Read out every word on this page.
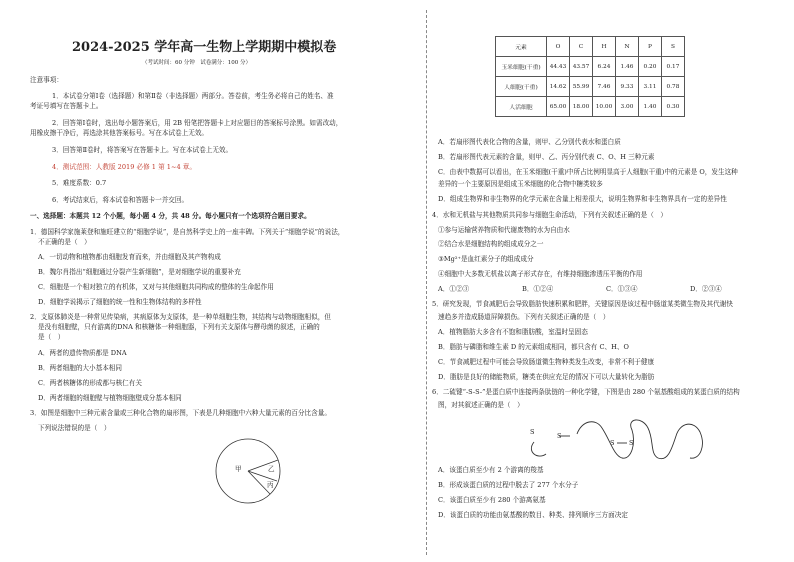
2024-2025 学年高一生物上学期期中模拟卷
（考试时间：60 分钟　试卷满分：100 分）
注意事项：
1．本试卷分第Ⅰ卷（选择题）和第Ⅱ卷（非选择题）两部分。答卷前，考生务必将自己的姓名、准
考证号填写在答题卡上。
2．回答第Ⅰ卷时，选出每小题答案后，用 2B 铅笔把答题卡上对应题目的答案标号涂黑。如需改动，
用橡皮擦干净后，再选涂其他答案标号。写在本试卷上无效。
3．回答第Ⅱ卷时，将答案写在答题卡上。写在本试卷上无效。
4．测试范围：人教版 2019 必修 1 第 1~4 章。
5．难度系数：0.7
6．考试结束后，将本试卷和答题卡一并交回。
一、选择题：本题共 12 个小题，每小题 4 分，共 48 分。每小题只有一个选项符合题目要求。
1．德国科学家施莱登和施旺建立的“细胞学说”，是自然科学史上的一座丰碑。下列关于“细胞学说”的说法，
不正确的是（　）
A．一切动物和植物都由细胞发育而来，并由细胞及其产物构成
B．魏尔肖指出“细胞通过分裂产生新细胞”，是对细胞学说的重要补充
C．细胞是一个相对独立的有机体，又对与其他细胞共同构成的整体的生命起作用
D．细胞学说揭示了细胞的统一性和生物体结构的多样性
2．支原体肺炎是一种常见传染病，其病原体为支原体，是一种单细胞生物，其结构与动物细胞相似，但
是没有细胞壁，只有游离的DNA 和核糖体一种细胞器，下列有关支原体与酵母菌的叙述，正确的
是（　）
A．两者的遗传物质都是 DNA
B．两者细胞的大小基本相同
C．两者核糖体的形成都与核仁有关
D．两者细胞的细胞壁与植物细胞壁成分基本相同
3．如图是细胞中三种元素含量或三种化合物的扇形图，下表是几种细胞中六种大量元素的百分比含量。
下列说法错误的是（　）
甲	乙
丙
元素	O	C	H	N	P	S
玉米细胞(干重)	44.43	43.57	6.24	1.46	0.20	0.17
人细胞(干重)	14.62	55.99	7.46	9.33	3.11	0.78
人活细胞	65.00	18.00	10.00	3.00	1.40	0.30
A．若扇形图代表化合物的含量，则甲、乙分别代表水和蛋白质
B．若扇形图代表元素的含量，则甲、乙、丙分别代表 C、O、H 三种元素
C．由表中数据可以看出，在玉米细胞(干重)中所占比例明显高于人细胞(干重)中的元素是 O，发生这种
差异的一个主要原因是组成玉米细胞的化合物中糖类较多
D．组成生物界和非生物界的化学元素在含量上相差很大，说明生物界和非生物界具有一定的差异性
4．水和无机盐与其他物质共同参与细胞生命活动，下列有关叙述正确的是（　）
①参与运输营养物质和代谢废物的水为自由水
②结合水是细胞结构的组成成分之一
③Mg²⁺是血红素分子的组成成分
④细胞中大多数无机盐以离子形式存在，有维持细胞渗透压平衡的作用
A．①②③	B．①②④	C．①③④	D．②③④
5．研究发现，节食减肥后会导致脂肪快速积累和肥胖，关键原因是该过程中肠道某类微生物及其代谢快
速趋多并造成肠道屏障损伤。下列有关叙述正确的是（　）
A．植物脂肪大多含有不饱和脂肪酸，室温时呈固态
B．脂肪与磷脂和维生素 D 的元素组成相同，都只含有 C、H、O
C．节食减肥过程中可能会导致肠道微生物种类发生改变，非常不利于健康
D．脂肪是良好的储能物质，糖类在供应充足的情况下可以大量转化为脂肪
6．二硫键“-S-S-”是蛋白质中连接两条肽链的一种化学键，下图是由 280 个氨基酸组成的某蛋白质的结构
图，对其叙述正确的是（　）
S	S
S S
A．该蛋白质至少有 2 个游离的羧基
B．形成该蛋白质的过程中脱去了 277 个水分子
C．该蛋白质至少有 280 个游离氨基
D．该蛋白质的功能由氨基酸的数目、种类、排列顺序三方面决定
